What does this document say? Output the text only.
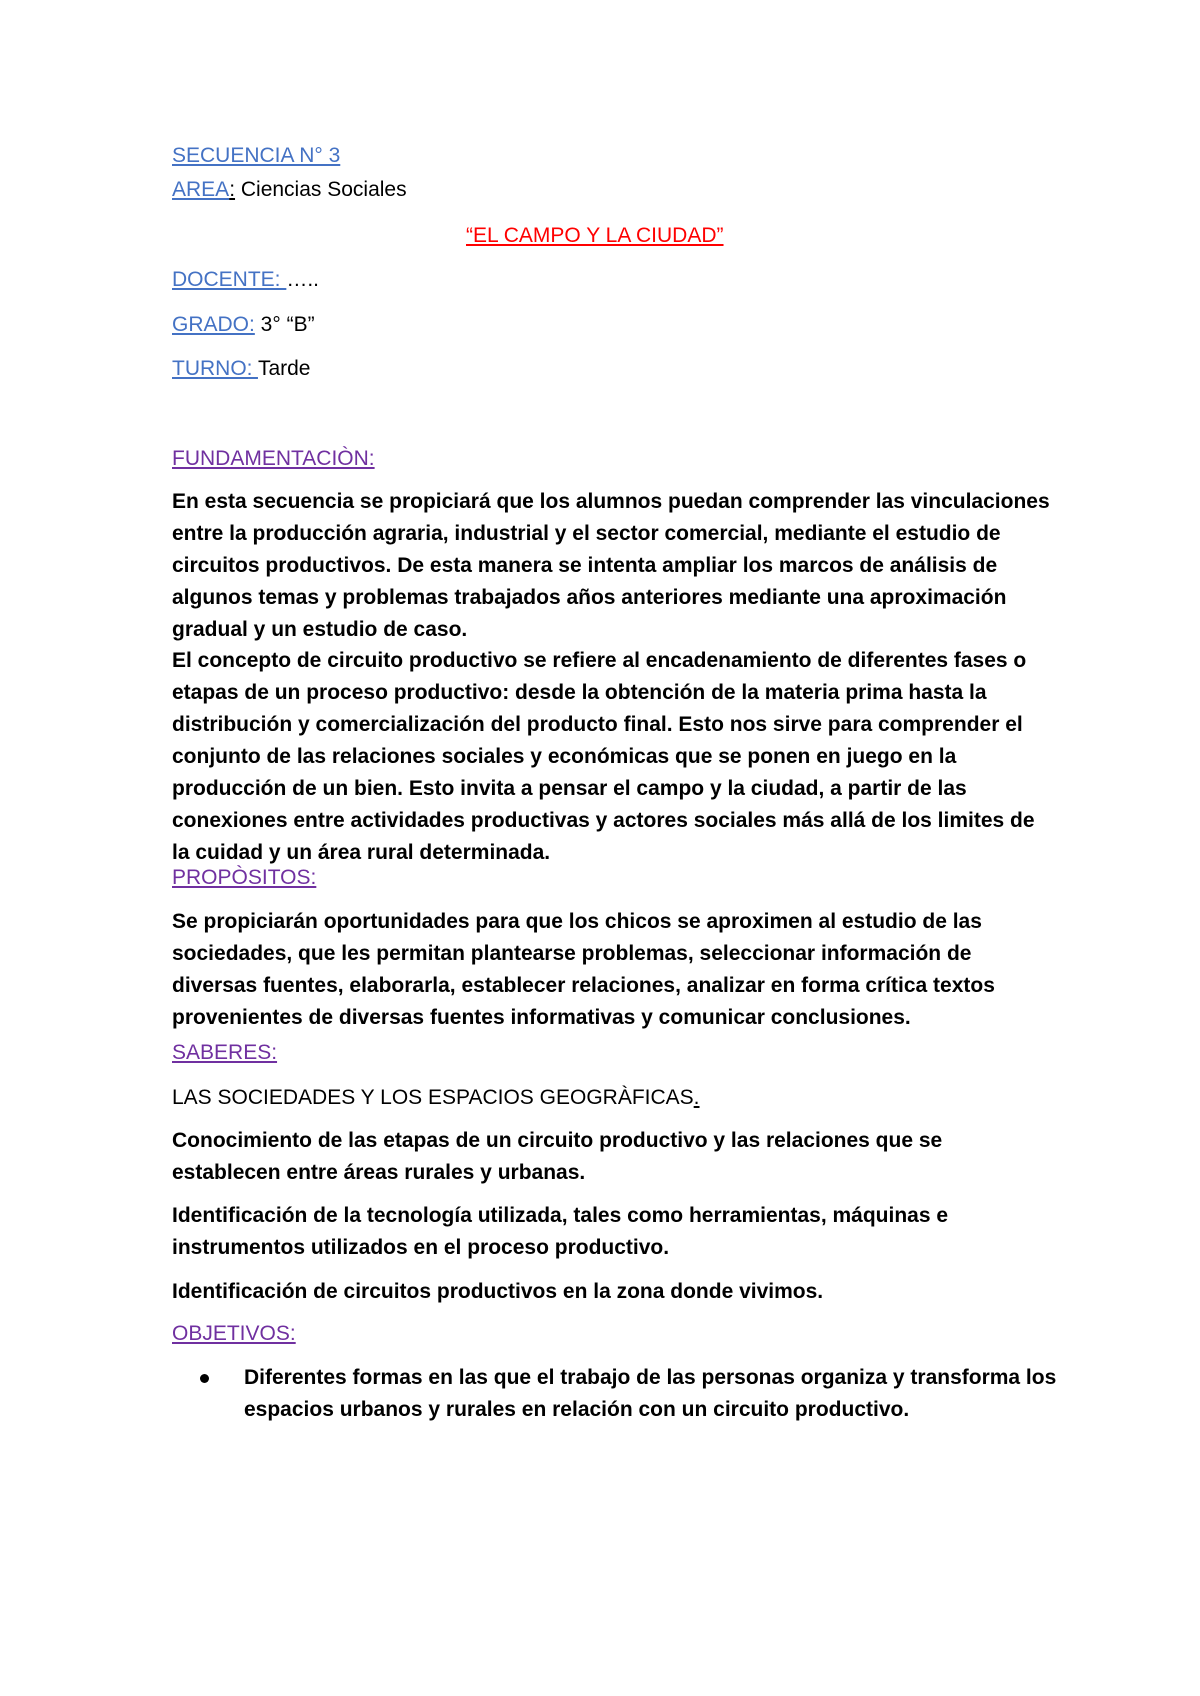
SECUENCIA N° 3
AREA: Ciencias Sociales
“EL CAMPO Y LA CIUDAD”
DOCENTE: …..
GRADO: 3° “B”
TURNO: Tarde
FUNDAMENTACIÒN:

En esta secuencia se propiciará que los alumnos puedan comprender las vinculaciones entre la producción agraria, industrial y el sector comercial, mediante el estudio de circuitos productivos. De esta manera se intenta ampliar los marcos de análisis de algunos temas y problemas trabajados años anteriores mediante una aproximación gradual y un estudio de caso.

El concepto de circuito productivo se refiere al encadenamiento de diferentes fases o etapas de un proceso productivo: desde la obtención de la materia prima hasta la distribución y comercialización del producto final. Esto nos sirve para comprender el conjunto de las relaciones sociales y económicas que se ponen en juego en la producción de un bien. Esto invita a pensar el campo y la ciudad, a partir de las conexiones entre actividades productivas y actores sociales más allá de los limites de la cuidad y un área rural determinada.

PROPÒSITOS:

Se propiciarán oportunidades para que los chicos se aproximen al estudio de las sociedades, que les permitan plantearse problemas, seleccionar información de diversas fuentes, elaborarla, establecer relaciones, analizar en forma crítica textos provenientes de diversas fuentes informativas y comunicar conclusiones.

SABERES:
LAS SOCIEDADES Y LOS ESPACIOS GEOGRÀFICAS.

Conocimiento de las etapas de un circuito productivo y las relaciones que se establecen entre áreas rurales y urbanas.

Identificación de la tecnología utilizada, tales como herramientas, máquinas e instrumentos utilizados en el proceso productivo.

Identificación de circuitos productivos en la zona donde vivimos.

OBJETIVOS:
Diferentes formas en las que el trabajo de las personas organiza y transforma los espacios urbanos y rurales en relación con un circuito productivo.
